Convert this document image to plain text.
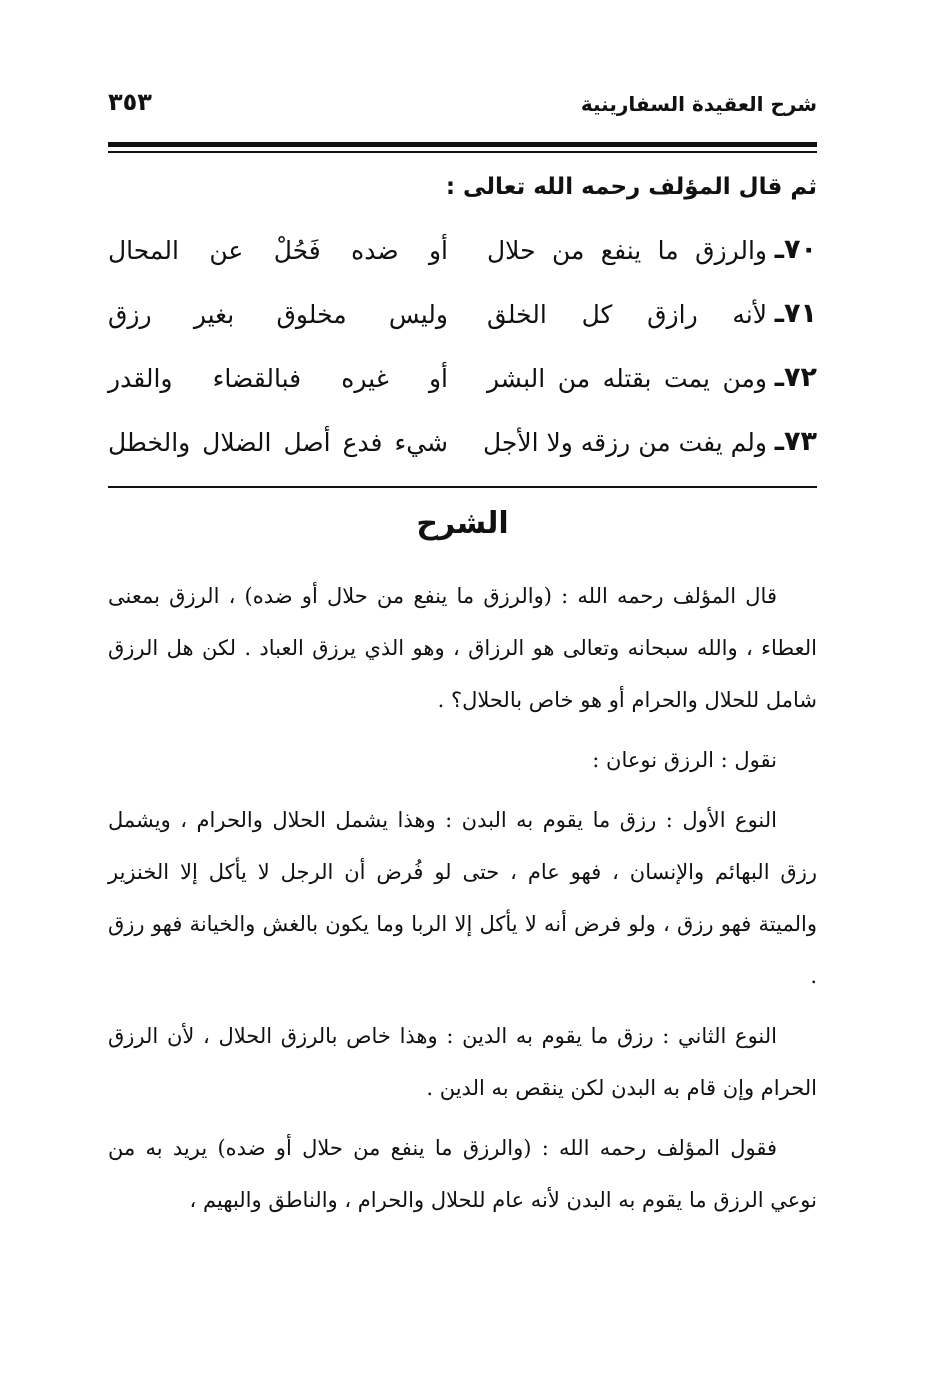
شرح العقيدة السفارينية
٣٥٣
ثم قال المؤلف رحمه الله تعالى :
٧٠ـ
والرزق ما ينفع من حلال
أو ضده فَحُلْ عن المحال
٧١ـ
لأنه رازق كل الخلق
وليس مخلوق بغير رزق
٧٢ـ
ومن يمت بقتله من البشر
أو غيره فبالقضاء والقدر
٧٣ـ
ولم يفت من رزقه ولا الأجل
شيء فدع أصل الضلال والخطل
الشرح

قال المؤلف رحمه الله : (والرزق ما ينفع من حلال أو ضده) ، الرزق بمعنى العطاء ، والله سبحانه وتعالى هو الرزاق ، وهو الذي يرزق العباد . لكن هل الرزق شامل للحلال والحرام أو هو خاص بالحلال؟ .

نقول : الرزق نوعان :

النوع الأول : رزق ما يقوم به البدن : وهذا يشمل الحلال والحرام ، ويشمل رزق البهائم والإنسان ، فهو عام ، حتى لو فُرض أن الرجل لا يأكل إلا الخنزير والميتة فهو رزق ، ولو فرض أنه لا يأكل إلا الربا وما يكون بالغش والخيانة فهو رزق .

النوع الثاني : رزق ما يقوم به الدين : وهذا خاص بالرزق الحلال ، لأن الرزق الحرام وإن قام به البدن لكن ينقص به الدين .

فقول المؤلف رحمه الله : (والرزق ما ينفع من حلال أو ضده) يريد به من نوعي الرزق ما يقوم به البدن لأنه عام للحلال والحرام ، والناطق والبهيم ،
